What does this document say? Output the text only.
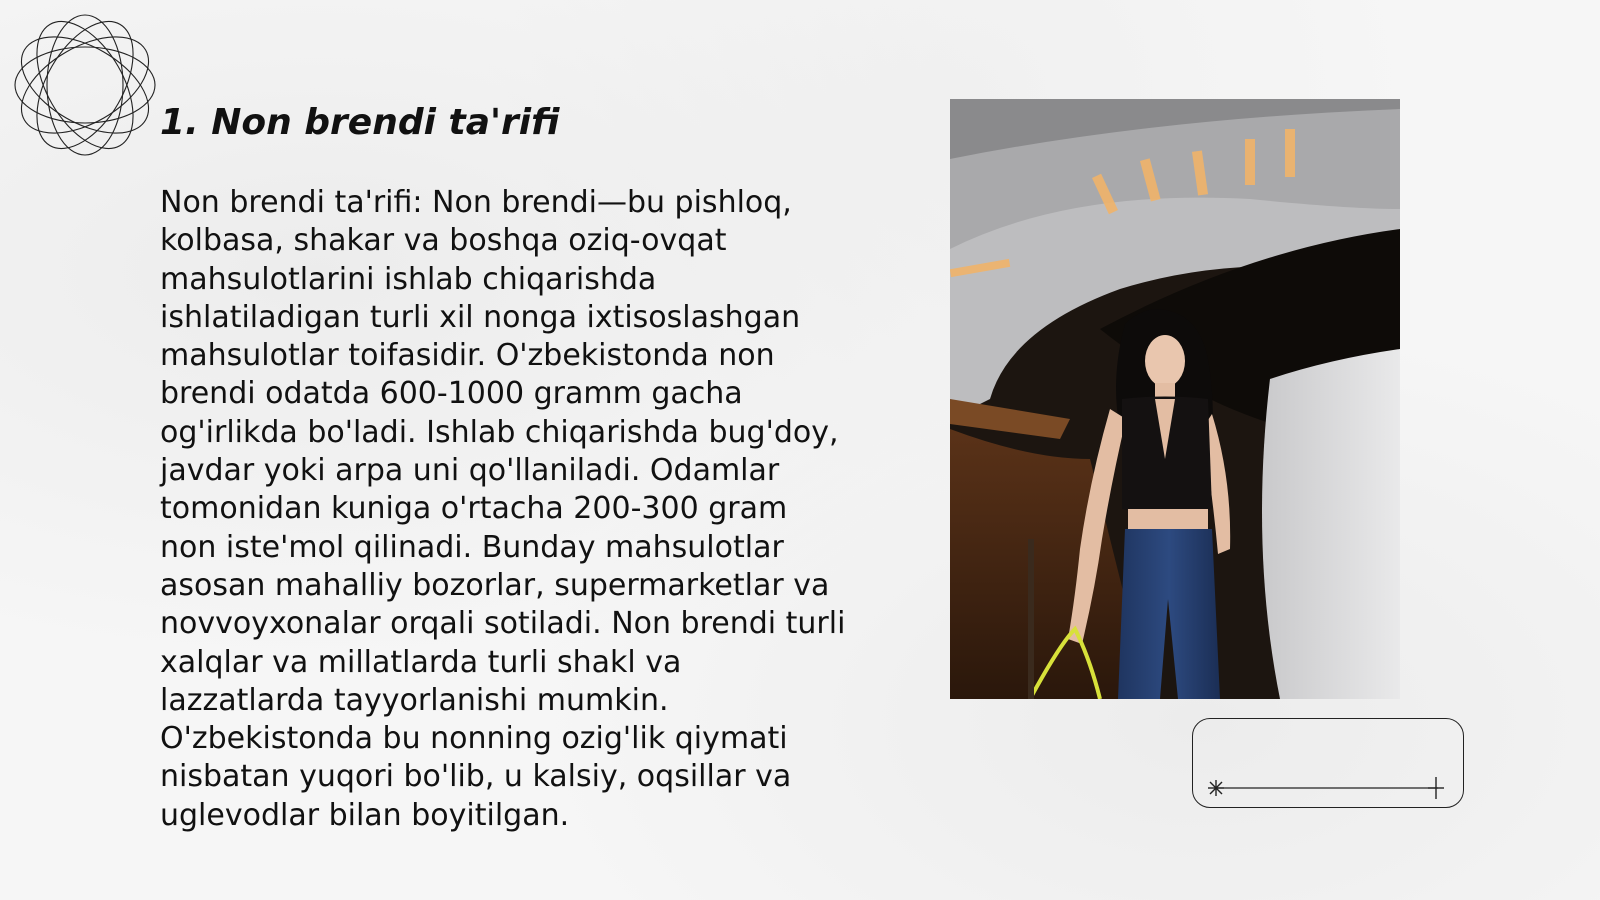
1. Non brendi ta'rifi

Non brendi ta'rifi: Non brendi—bu pishloq, kolbasa, shakar va boshqa oziq-ovqat mahsulotlarini ishlab chiqarishda ishlatiladigan turli xil nonga ixtisoslashgan mahsulotlar toifasidir. O'zbekistonda non brendi odatda 600-1000 gramm gacha og'irlikda bo'ladi. Ishlab chiqarishda bug'doy, javdar yoki arpa uni qo'llaniladi. Odamlar tomonidan kuniga o'rtacha 200-300 gram non iste'mol qilinadi. Bunday mahsulotlar asosan mahalliy bozorlar, supermarketlar va novvoyxonalar orqali sotiladi. Non brendi turli xalqlar va millatlarda turli shakl va lazzatlarda tayyorlanishi mumkin. O'zbekistonda bu nonning ozig'lik qiymati nisbatan yuqori bo'lib, u kalsiy, oqsillar va uglevodlar bilan boyitilgan.
